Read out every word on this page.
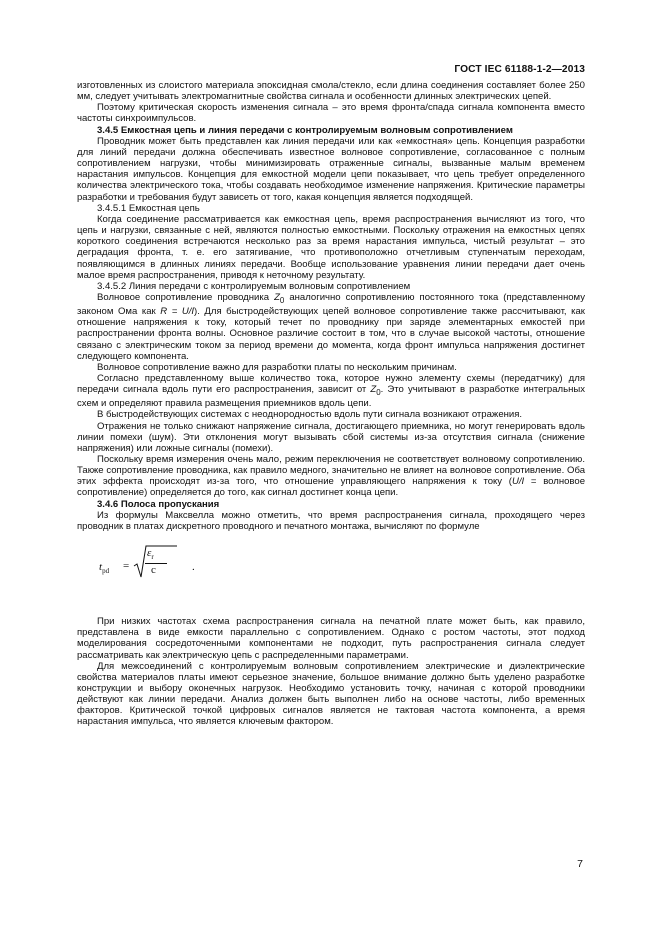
ГОСТ IEC 61188-1-2—2013

изготовленных из слоистого материала эпоксидная смола/стекло, если длина соединения составляет более 250 мм, следует учитывать электромагнитные свойства сигнала и особенности длинных электрических цепей.

Поэтому критическая скорость изменения сигнала – это время фронта/спада сигнала компонента вместо частоты синхроимпульсов.

3.4.5 Емкостная цепь и линия передачи с контролируемым волновым сопротивлением

Проводник может быть представлен как линия передачи или как «емкостная» цепь. Концепция разработки для линий передачи должна обеспечивать известное волновое сопротивление, согласованное с полным сопротивлением нагрузки, чтобы минимизировать отраженные сигналы, вызванные малым временем нарастания импульсов. Концепция для емкостной модели цепи показывает, что цепь требует определенного количества электрического тока, чтобы создавать необходимое изменение напряжения. Критические параметры разработки и требования будут зависеть от того, какая концепция является подходящей.

3.4.5.1 Емкостная цепь

Когда соединение рассматривается как емкостная цепь, время распространения вычисляют из того, что цепь и нагрузки, связанные с ней, являются полностью емкостными. Поскольку отражения на емкостных цепях короткого соединения встречаются несколько раз за время нарастания импульса, чистый результат – это деградация фронта, т. е. его затягивание, что противоположно отчетливым ступенчатым переходам, появляющимся в длинных линиях передачи. Вообще использование уравнения линии передачи дает очень малое время распространения, приводя к неточному результату.

3.4.5.2 Линия передачи с контролируемым волновым сопротивлением

Волновое сопротивление проводника $Z_0$ аналогично сопротивлению постоянного тока (представленному законом Ома как R = U/I). Для быстродействующих цепей волновое сопротивление также рассчитывают, как отношение напряжения к току, который течет по проводнику при заряде элементарных емкостей при распространении фронта волны. Основное различие состоит в том, что в случае высокой частоты, отношение связано с электрическим током за период времени до момента, когда фронт импульса напряжения достигнет следующего компонента.

Волновое сопротивление важно для разработки платы по нескольким причинам.

Согласно представленному выше количество тока, которое нужно элементу схемы (передатчику) для передачи сигнала вдоль пути его распространения, зависит от $Z_0$. Это учитывают в разработке интегральных схем и определяют правила размещения приемников вдоль цепи.

В быстродействующих системах с неоднородностью вдоль пути сигнала возникают отражения.

Отражения не только снижают напряжение сигнала, достигающего приемника, но могут генерировать вдоль линии помехи (шум). Эти отклонения могут вызывать сбой системы из-за отсутствия сигнала (снижение напряжения) или ложные сигналы (помехи).

Поскольку время измерения очень мало, режим переключения не соответствует волновому сопротивлению. Также сопротивление проводника, как правило медного, значительно не влияет на волновое сопротивление. Оба этих эффекта происходят из-за того, что отношение управляющего напряжения к току (U/I = волновое сопротивление) определяется до того, как сигнал достигнет конца цепи.

3.4.6 Полоса пропускания

Из формулы Максвелла можно отметить, что время распространения сигнала, проходящего через проводник в платах дискретного проводного и печатного монтажа, вычисляют по формуле

$t_{pd}$ =
$\varepsilon_r$
c	.

При низких частотах схема распространения сигнала на печатной плате может быть, как правило, представлена в виде емкости параллельно с сопротивлением. Однако с ростом частоты, этот подход моделирования сосредоточенными компонентами не подходит, путь распространения сигнала следует рассматривать как электрическую цепь с распределенными параметрами.

Для межсоединений с контролируемым волновым сопротивлением электрические и диэлектрические свойства материалов платы имеют серьезное значение, большое внимание должно быть уделено разработке конструкции и выбору оконечных нагрузок. Необходимо установить точку, начиная с которой проводники действуют как линии передачи. Анализ должен быть выполнен либо на основе частоты, либо временных факторов. Критической точкой цифровых сигналов является не тактовая частота компонента, а время нарастания импульса, что является ключевым фактором.

7
